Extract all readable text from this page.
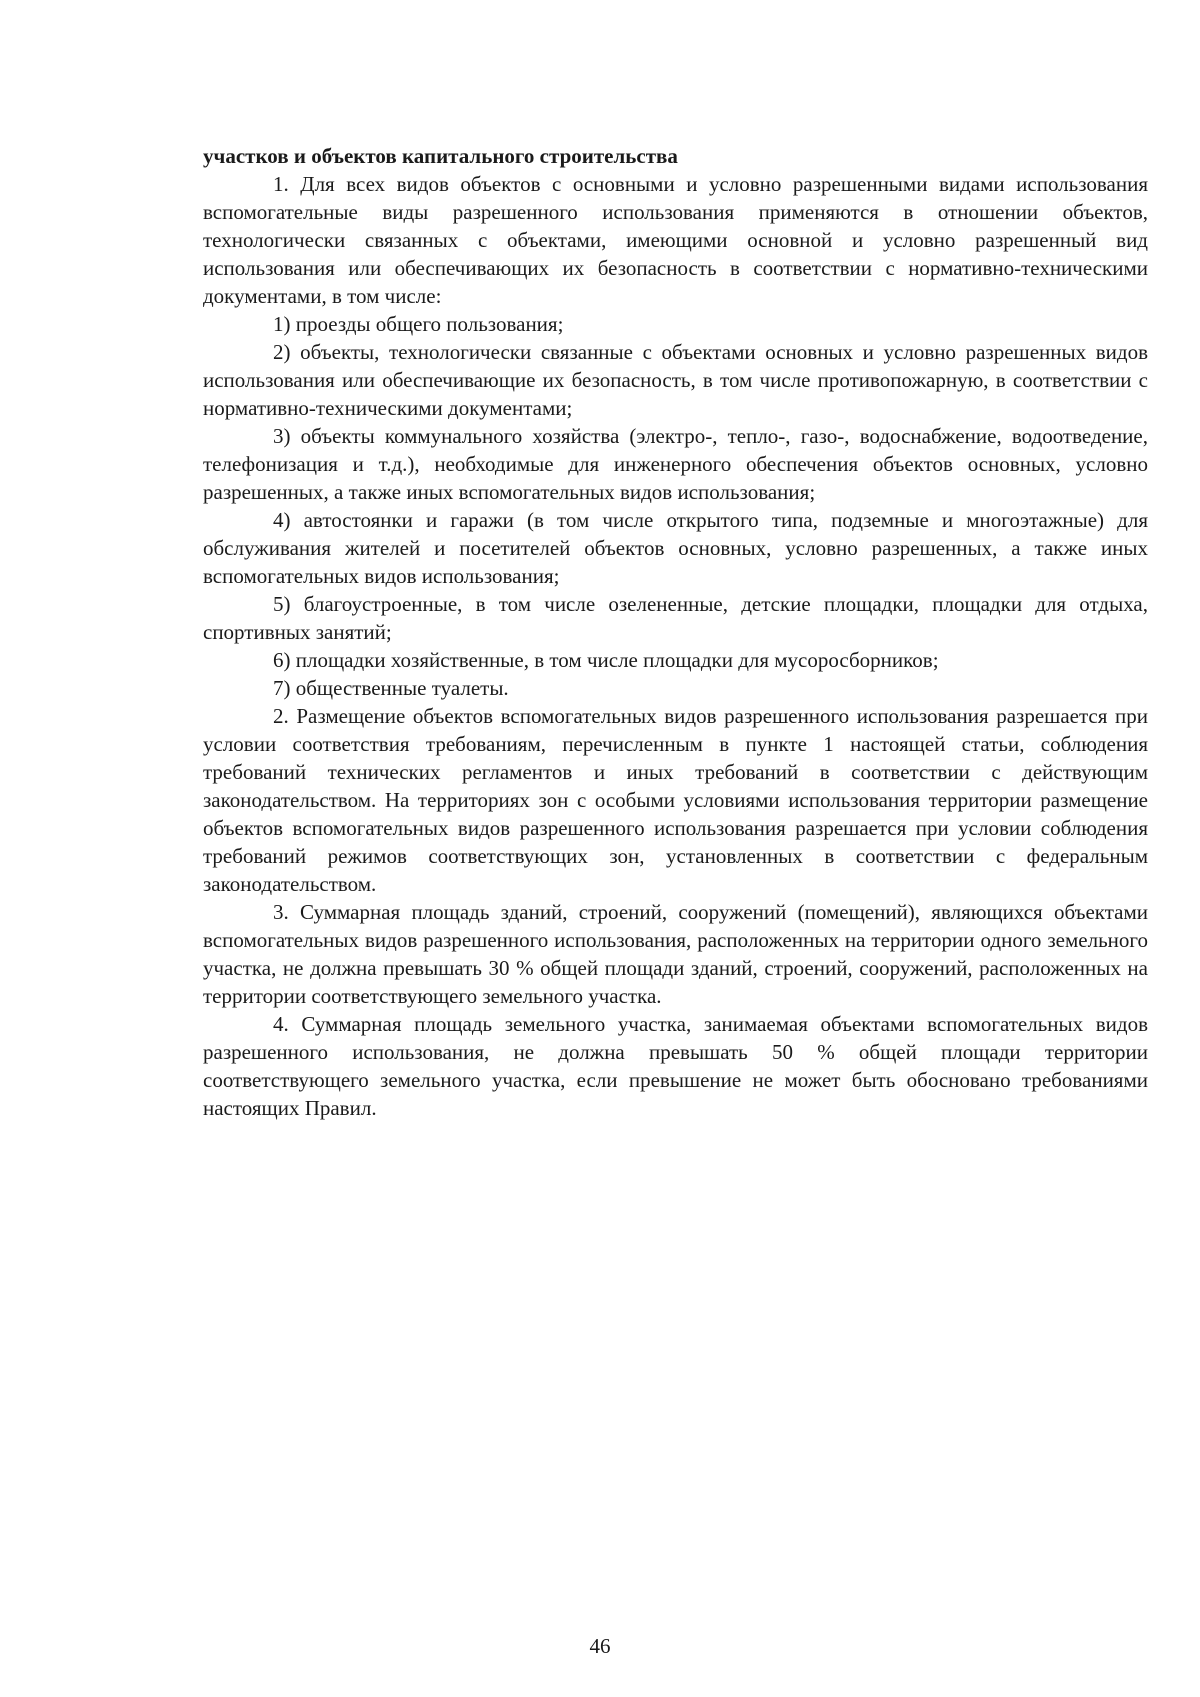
участков и объектов капитального строительства

1. Для всех видов объектов с основными и условно разрешенными видами использования вспомогательные виды разрешенного использования применяются в отношении объектов, технологически связанных с объектами, имеющими основной и условно разрешенный вид использования или обеспечивающих их безопасность в соответствии с нормативно-техническими документами, в том числе:

1) проезды общего пользования;

2) объекты, технологически связанные с объектами основных и условно разрешенных видов использования или обеспечивающие их безопасность, в том числе противопожарную, в соответствии с нормативно-техническими документами;

3) объекты коммунального хозяйства (электро-, тепло-, газо-, водоснабжение, водоотведение, телефонизация и т.д.), необходимые для инженерного обеспечения объектов основных, условно разрешенных, а также иных вспомогательных видов использования;

4) автостоянки и гаражи (в том числе открытого типа, подземные и многоэтажные) для обслуживания жителей и посетителей объектов основных, условно разрешенных, а также иных вспомогательных видов использования;

5) благоустроенные, в том числе озелененные, детские площадки, площадки для отдыха, спортивных занятий;

6) площадки хозяйственные, в том числе площадки для мусоросборников;

7) общественные туалеты.

2. Размещение объектов вспомогательных видов разрешенного использования разрешается при условии соответствия требованиям, перечисленным в пункте 1 настоящей статьи, соблюдения требований технических регламентов и иных требований в соответствии с действующим законодательством. На территориях зон с особыми условиями использования территории размещение объектов вспомогательных видов разрешенного использования разрешается при условии соблюдения требований режимов соответствующих зон, установленных в соответствии с федеральным законодательством.

3. Суммарная площадь зданий, строений, сооружений (помещений), являющихся объектами вспомогательных видов разрешенного использования, расположенных на территории одного земельного участка, не должна превышать 30 % общей площади зданий, строений, сооружений, расположенных на территории соответствующего земельного участка.

4. Суммарная площадь земельного участка, занимаемая объектами вспомогательных видов разрешенного использования, не должна превышать 50 % общей площади территории соответствующего земельного участка, если превышение не может быть обосновано требованиями настоящих Правил.

46
